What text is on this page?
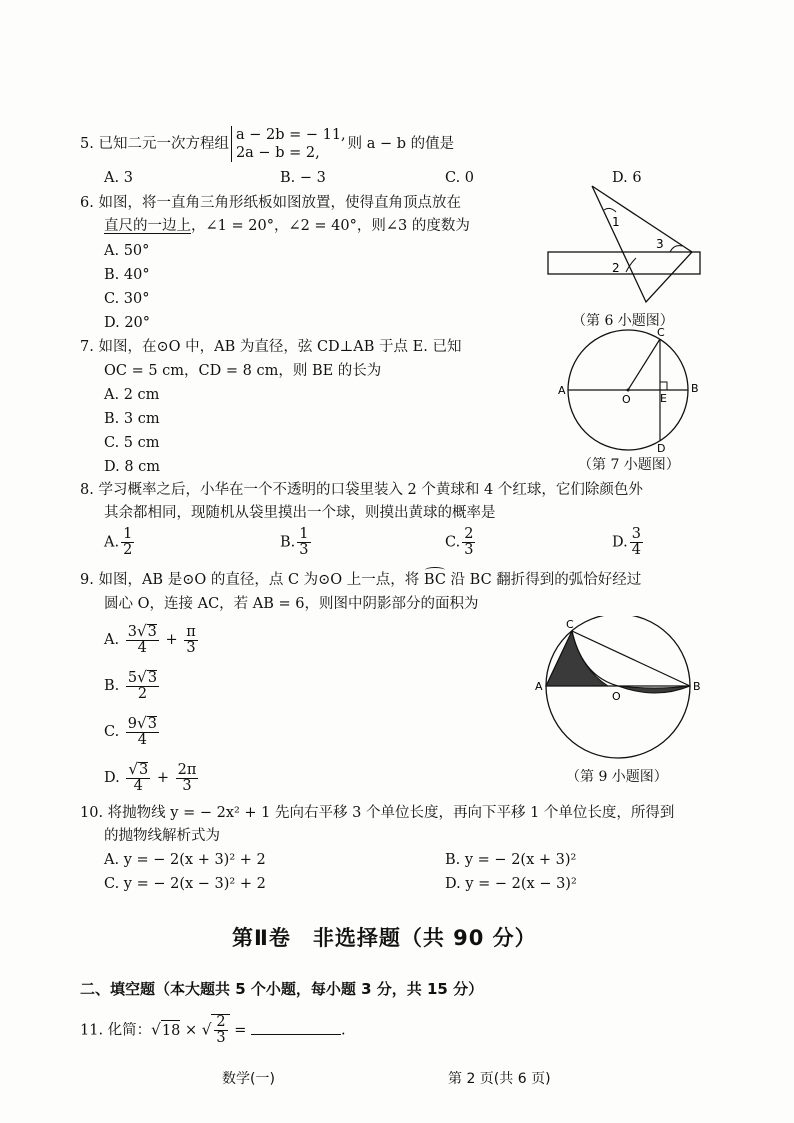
5. 已知二元一次方程组
a − 2b = − 11,
2a − b = 2,
则 a − b 的值是
A. 3	B. − 3	C. 0	D. 6
6. 如图，将一直角三角形纸板如图放置，使得直角顶点放在
直尺的一边上，∠1 = 20°，∠2 = 40°，则∠3 的度数为
A. 50°
B. 40°
C. 30°
D. 20°
1
3
2
（第 6 小题图）
7. 如图，在⊙O 中，AB 为直径，弦 CD⊥AB 于点 E. 已知
OC = 5 cm，CD = 8 cm，则 BE 的长为
A. 2 cm
B. 3 cm
C. 5 cm
D. 8 cm
A	B
C
D
O	E
（第 7 小题图）
8. 学习概率之后，小华在一个不透明的口袋里装入 2 个黄球和 4 个红球，它们除颜色外
其余都相同，现随机从袋里摸出一个球，则摸出黄球的概率是
A. $\frac{1}{2}$	B. $\frac{1}{3}$	C. $\frac{2}{3}$	D. $\frac{3}{4}$
9. 如图，AB 是⊙O 的直径，点 C 为⊙O 上一点，将 BC 沿 BC 翻折得到的弧恰好经过
圆心 O，连接 AC，若 AB = 6，则图中阴影部分的面积为
A. $\frac{3√3}{4} + \frac{\pi}{3}$
B. $\frac{5√3}{2}$
C. $\frac{9√3}{4}$
D. $\frac{√3}{4} + \frac{2\pi}{3}$
C
A	B
O
（第 9 小题图）
10. 将抛物线 y = − 2x² + 1 先向右平移 3 个单位长度，再向下平移 1 个单位长度，所得到
的抛物线解析式为
A. y = − 2(x + 3)² + 2	B. y = − 2(x + 3)²
C. y = − 2(x − 3)² + 2	D. y = − 2(x − 3)²
第Ⅱ卷　非选择题（共 90 分）
二、填空题（本大题共 5 个小题，每小题 3 分，共 15 分）
11. 化简：√18 × √ $\frac{2}{3}$ =	.
数学(一)	第 2 页(共 6 页)
